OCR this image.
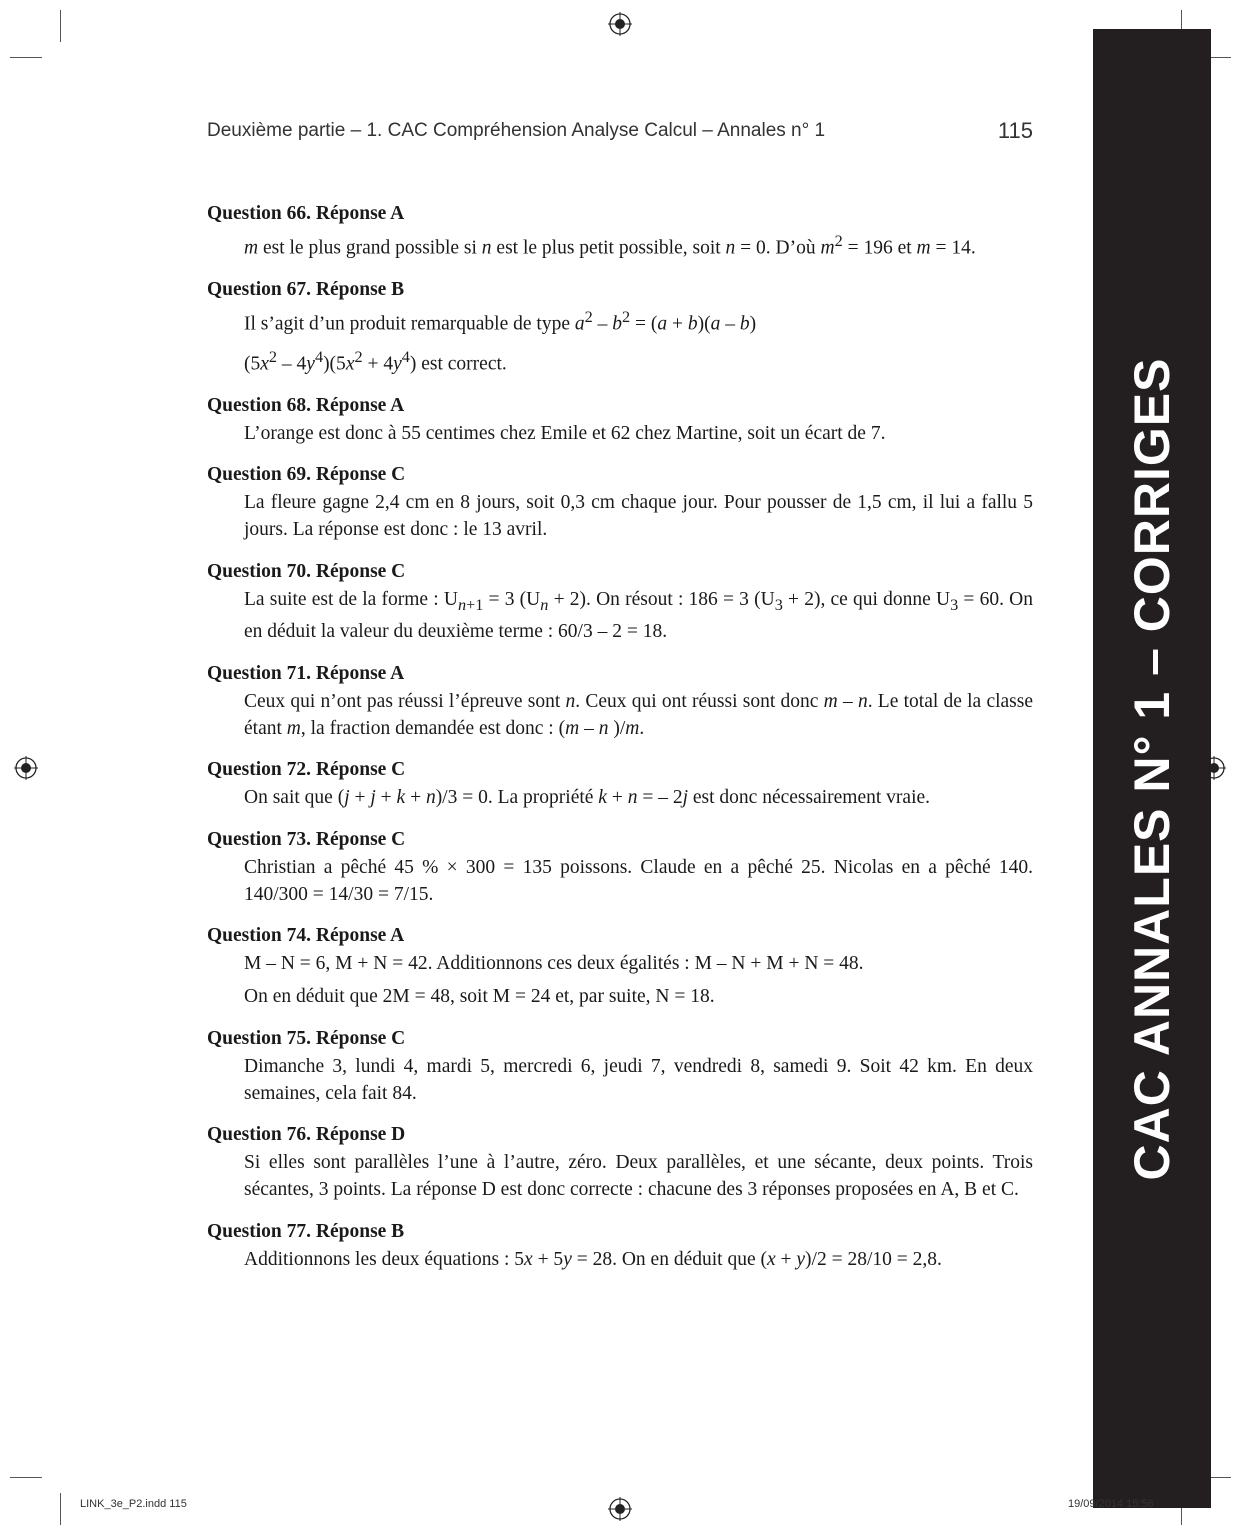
Deuxième partie – 1. CAC Compréhension Analyse Calcul – Annales n° 1	115
Question 66. Réponse A

m est le plus grand possible si n est le plus petit possible, soit n = 0. D’où $m^2 = 196$ et m = 14.

Question 67. Réponse B

Il s’agit d’un produit remarquable de type $a^2 - b^2 = (a + b)(a - b)$

$(5x^2 - 4y^4)(5x^2 + 4y^4)$ est correct.

Question 68. Réponse A

L’orange est donc à 55 centimes chez Emile et 62 chez Martine, soit un écart de 7.

Question 69. Réponse C

La fleure gagne 2,4 cm en 8 jours, soit 0,3 cm chaque jour. Pour pousser de 1,5 cm, il lui a fallu 5 jours. La réponse est donc : le 13 avril.

Question 70. Réponse C

La suite est de la forme : $U_{n+1} = 3$ $(U_n + 2)$. On résout : 186 = 3 $(U_3 + 2)$, ce qui donne $U_3 = 60$. On en déduit la valeur du deuxième terme : 60/3 – 2 = 18.

Question 71. Réponse A

Ceux qui n’ont pas réussi l’épreuve sont n. Ceux qui ont réussi sont donc m – n. Le total de la classe étant m, la fraction demandée est donc : (m – n )/m.

Question 72. Réponse C

On sait que (j + j + k + n)/3 = 0. La propriété k + n = – 2j est donc nécessairement vraie.

Question 73. Réponse C

Christian a pêché 45 % × 300 = 135 poissons. Claude en a pêché 25. Nicolas en a pêché 140. 140/300 = 14/30 = 7/15.

Question 74. Réponse A

M – N = 6, M + N = 42. Additionnons ces deux égalités : M – N + M + N = 48.

On en déduit que 2M = 48, soit M = 24 et, par suite, N = 18.

Question 75. Réponse C

Dimanche 3, lundi 4, mardi 5, mercredi 6, jeudi 7, vendredi 8, samedi 9. Soit 42 km. En deux semaines, cela fait 84.

Question 76. Réponse D

Si elles sont parallèles l’une à l’autre, zéro. Deux parallèles, et une sécante, deux points. Trois sécantes, 3 points. La réponse D est donc correcte : chacune des 3 réponses proposées en A, B et C.

Question 77. Réponse B

Additionnons les deux équations : 5x + 5y = 28. On en déduit que (x + y)/2 = 28/10 = 2,8.

CAC ANNALES N° 1 – CORRIGES
LINK_3e_P2.indd 115	19/09/2014 15:56
